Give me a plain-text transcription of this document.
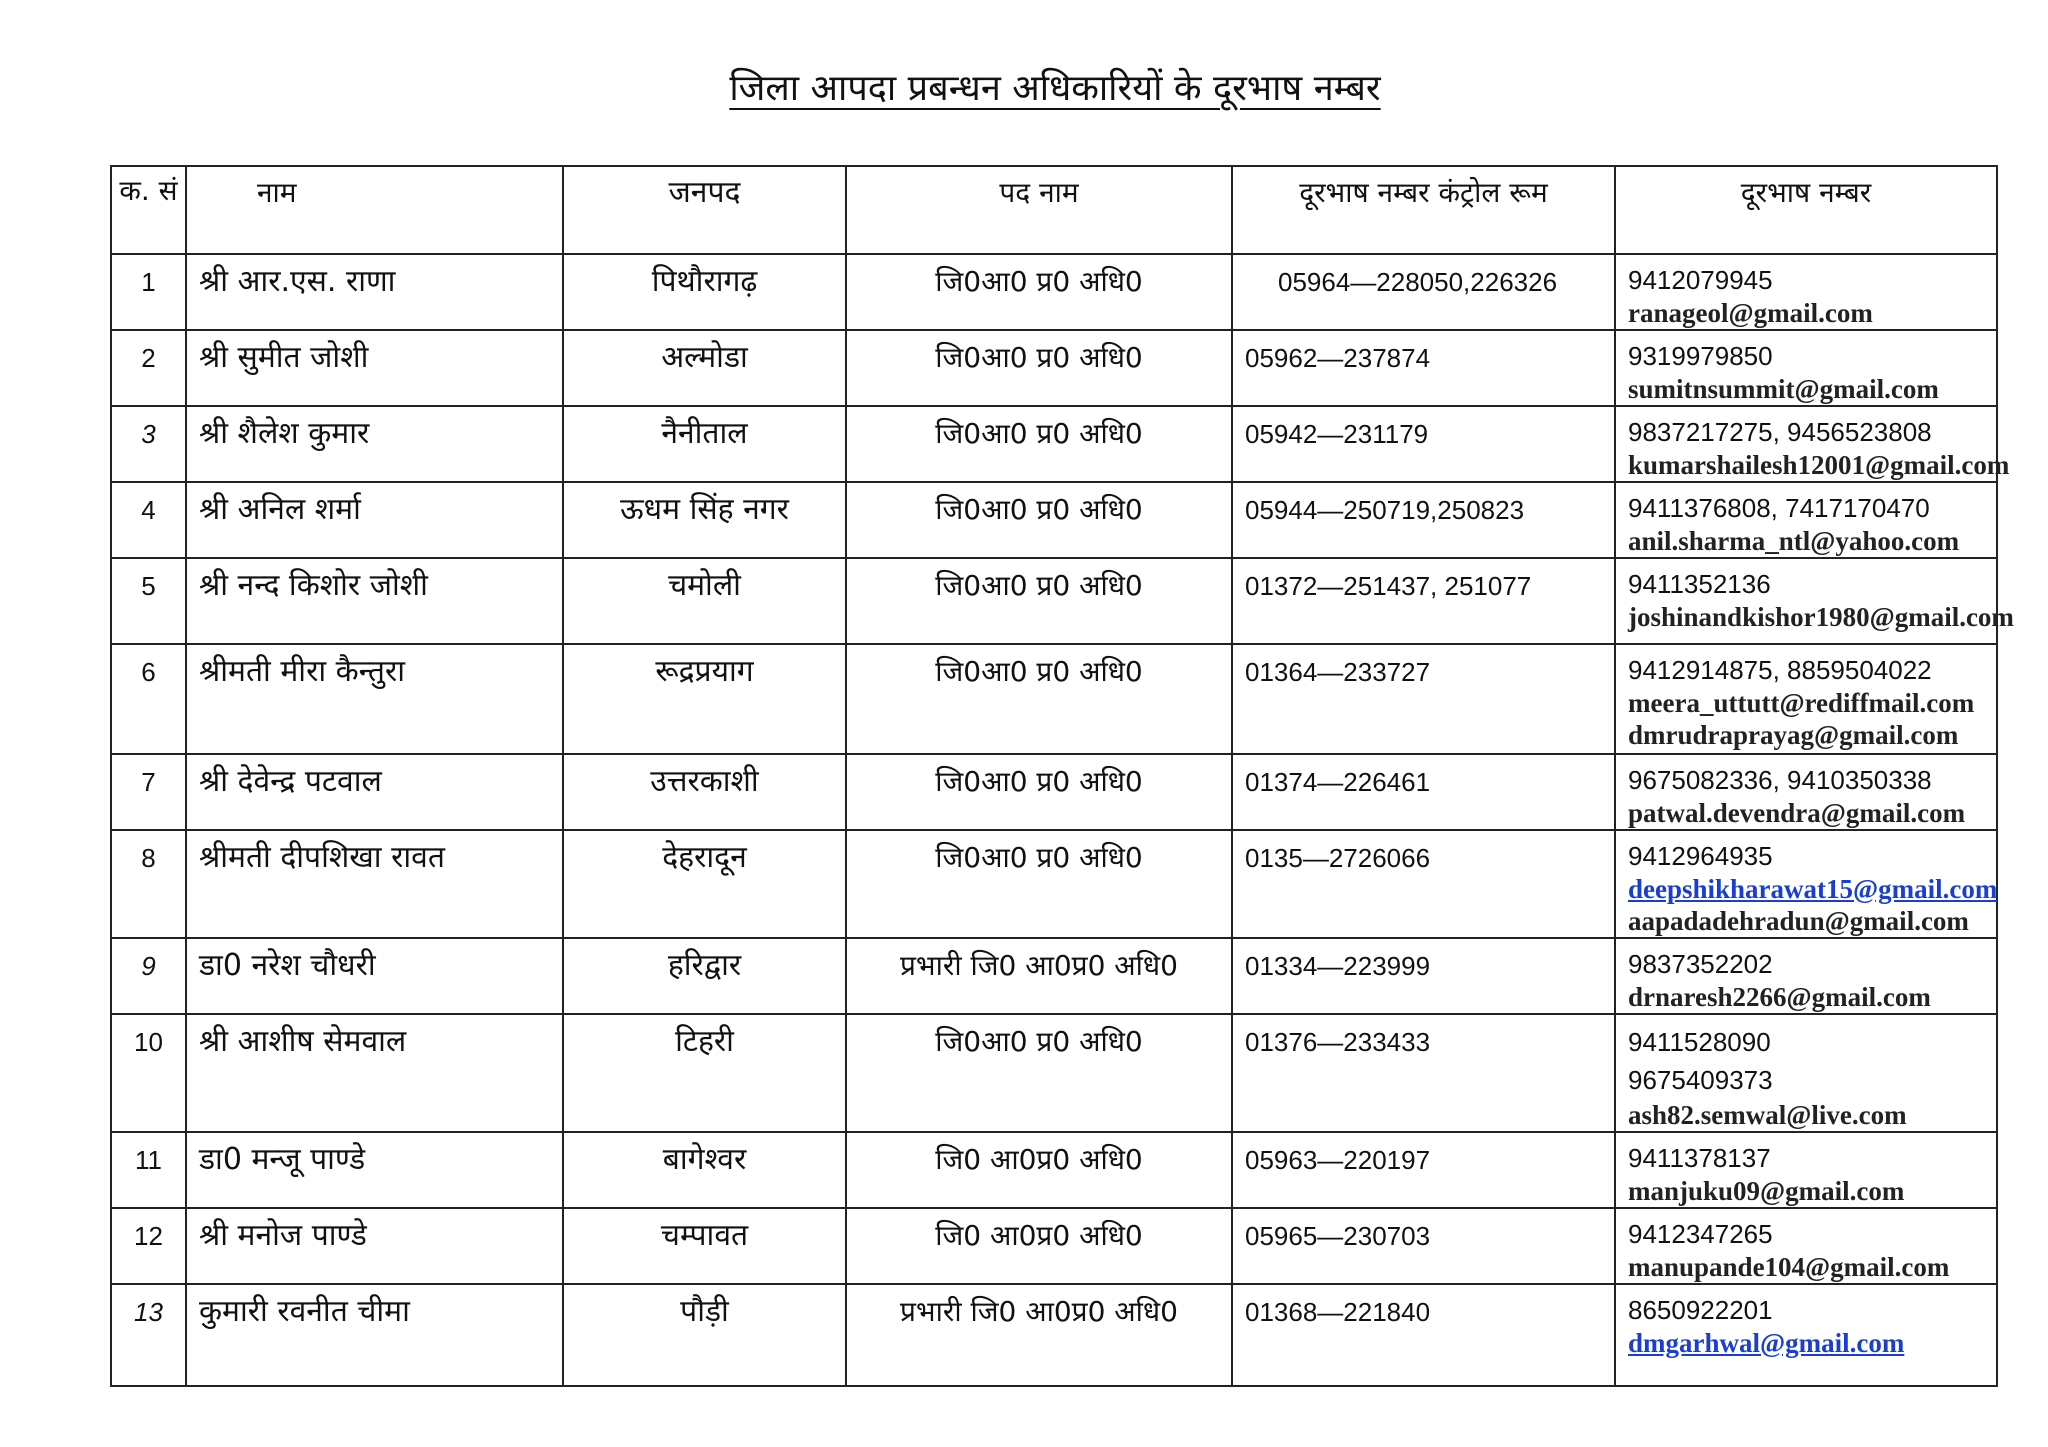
जिला आपदा प्रबन्धन अधिकारियों के दूरभाष नम्बर
क. सं	नाम	जनपद	पद नाम	दूरभाष नम्बर कंट्रोल रूम	दूरभाष नम्बर
1	श्री आर.एस. राणा	पिथौरागढ़	जि0आ0 प्र0 अधि0	05964—228050,226326	9412079945
ranageol@gmail.com

2	श्री सुमीत जोशी	अल्मोडा	जि0आ0 प्र0 अधि0	05962—237874	9319979850
sumitnsummit@gmail.com

3	श्री शैलेश कुमार	नैनीताल	जि0आ0 प्र0 अधि0	05942—231179	9837217275, 9456523808
kumarshailesh12001@gmail.com

4	श्री अनिल शर्मा	ऊधम सिंह नगर	जि0आ0 प्र0 अधि0	05944—250719,250823	9411376808, 7417170470
anil.sharma_ntl@yahoo.com

5	श्री नन्द किशोर जोशी	चमोली	जि0आ0 प्र0 अधि0	01372—251437, 251077	9411352136
joshinandkishor1980@gmail.com

6	श्रीमती मीरा कैन्तुरा	रूद्रप्रयाग	जि0आ0 प्र0 अधि0	01364—233727	9412914875, 8859504022
meera_uttutt@rediffmail.com
dmrudraprayag@gmail.com

7	श्री देवेन्द्र पटवाल	उत्तरकाशी	जि0आ0 प्र0 अधि0	01374—226461	9675082336, 9410350338
patwal.devendra@gmail.com

8	श्रीमती दीपशिखा रावत	देहरादून	जि0आ0 प्र0 अधि0	0135—2726066	9412964935
deepshikharawat15@gmail.com
aapadadehradun@gmail.com

9	डा0 नरेश चौधरी	हरिद्वार	प्रभारी जि0 आ0प्र0 अधि0	01334—223999	9837352202
drnaresh2266@gmail.com

10	श्री आशीष सेमवाल	टिहरी	जि0आ0 प्र0 अधि0	01376—233433	9411528090
9675409373
ash82.semwal@live.com

11	डा0 मन्जू पाण्डे	बागेश्वर	जि0 आ0प्र0 अधि0	05963—220197	9411378137
manjuku09@gmail.com

12	श्री मनोज पाण्डे	चम्पावत	जि0 आ0प्र0 अधि0	05965—230703	9412347265
manupande104@gmail.com

13	कुमारी रवनीत चीमा	पौड़ी	प्रभारी जि0 आ0प्र0 अधि0	01368—221840	8650922201
dmgarhwal@gmail.com
